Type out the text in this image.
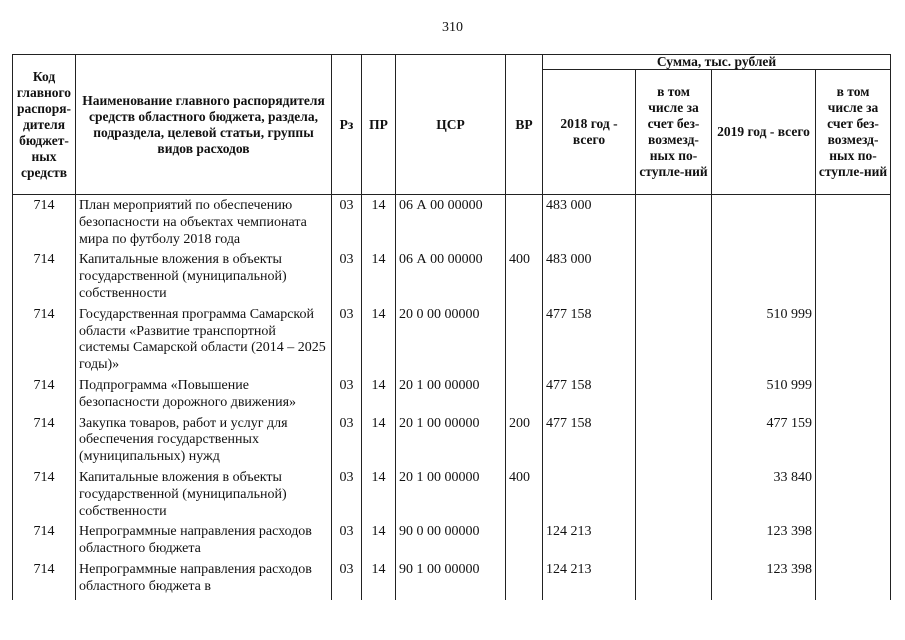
310
Код главного распоря-дителя бюджет-ных средств	Наименование главного распорядителя средств областного бюджета, раздела, подраздела, целевой статьи, группы видов расходов	Рз	ПР	ЦСР	ВР	Сумма, тыс. рублей			
						2018 год - всего	в том числе за счет без-возмезд-ных по-ступле-ний	2019 год - всего	в том числе за счет без-возмезд-ных по-ступле-ний
714	План мероприятий по обеспечению безопасности на объектах чемпионата мира по футболу 2018 года	03	14	06 А 00 00000		483 000			
714	Капитальные вложения в объекты государственной (муниципальной) собственности	03	14	06 А 00 00000	400	483 000			
714	Государственная программа Самарской области «Развитие транспортной системы Самарской области (2014 – 2025 годы)»	03	14	20 0 00 00000		477 158		510 999	
714	Подпрограмма «Повышение безопасности дорожного движения»	03	14	20 1 00 00000		477 158		510 999	
714	Закупка товаров, работ и услуг для обеспечения государственных (муниципальных) нужд	03	14	20 1 00 00000	200	477 158		477 159	
714	Капитальные вложения в объекты государственной (муниципальной) собственности	03	14	20 1 00 00000	400			33 840	
714	Непрограммные направления расходов областного бюджета	03	14	90 0 00 00000		124 213		123 398	
714	Непрограммные направления расходов областного бюджета в	03	14	90 1 00 00000		124 213		123 398	
